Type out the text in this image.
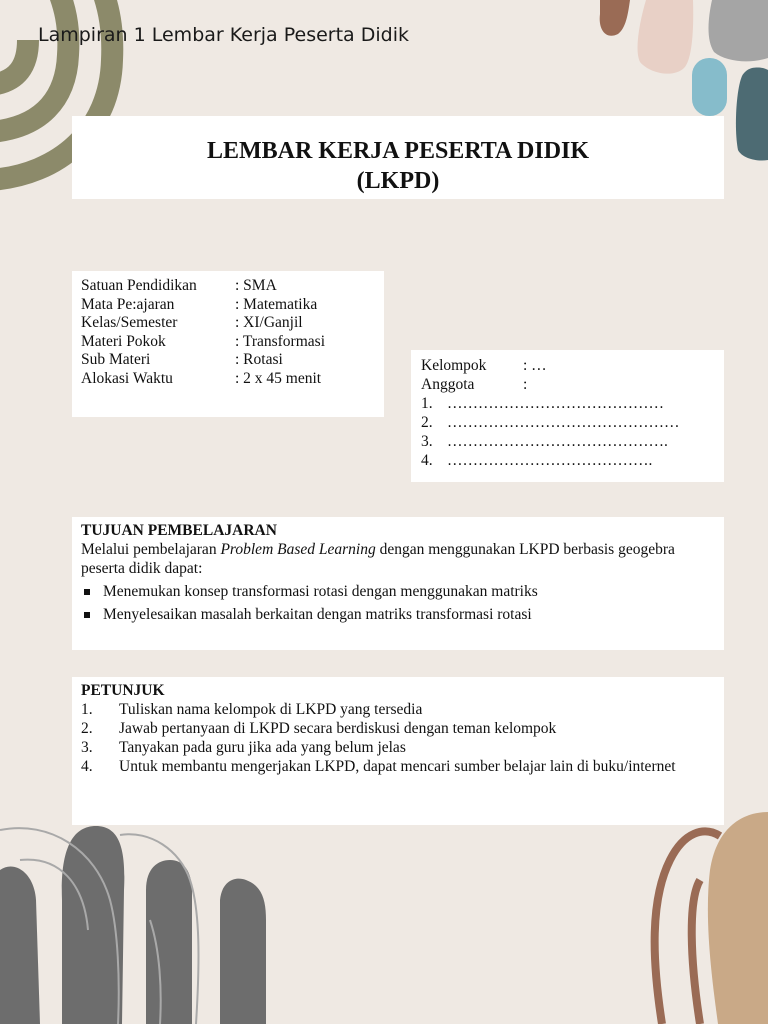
Lampiran 1 Lembar Kerja Peserta Didik
LEMBAR KERJA PESERTA DIDIK
(LKPD)
Satuan Pendidikan	: SMA
Mata Pe:ajaran	: Matematika
Kelas/Semester	: XI/Ganjil
Materi Pokok	: Transformasi
Sub Materi	: Rotasi
Alokasi Waktu	: 2 x 45 menit
Kelompok : …
Anggota	:
1. ……………………………………
2. ………………………………………
3. …………………………………….
4. ………………………………….
TUJUAN PEMBELAJARAN
Melalui pembelajaran Problem Based Learning dengan menggunakan LKPD berbasis geogebra peserta didik dapat:
Menemukan konsep transformasi rotasi dengan menggunakan matriks
Menyelesaikan masalah berkaitan dengan matriks transformasi rotasi
PETUNJUK
1.	Tuliskan nama kelompok di LKPD yang tersedia
2.	Jawab pertanyaan di LKPD secara berdiskusi dengan teman kelompok
3.	Tanyakan pada guru jika ada yang belum jelas
4.	Untuk membantu mengerjakan LKPD, dapat mencari sumber belajar lain di buku/internet
